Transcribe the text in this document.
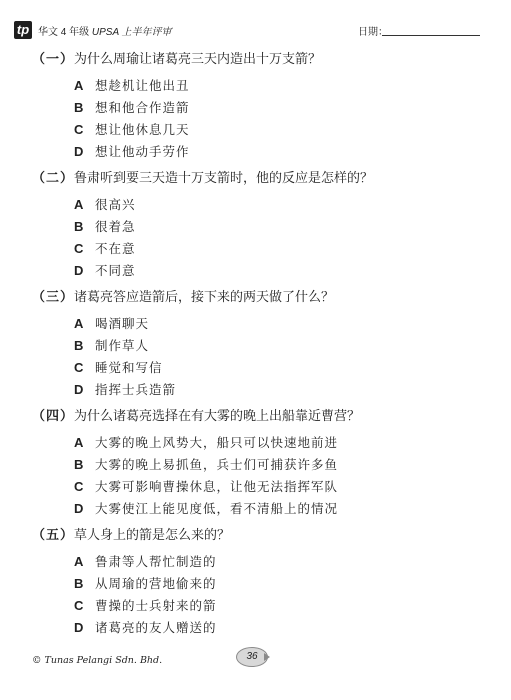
tp 华文 4 年级 UPSA 上半年评审	日期：
（一）为什么周瑜让诸葛亮三天内造出十万支箭？
A 想趁机让他出丑
B 想和他合作造箭
C 想让他休息几天
D 想让他动手劳作
（二）鲁肃听到要三天造十万支箭时，他的反应是怎样的？
A 很高兴
B 很着急
C 不在意
D 不同意
（三）诸葛亮答应造箭后，接下来的两天做了什么？
A 喝酒聊天
B 制作草人
C 睡觉和写信
D 指挥士兵造箭
（四）为什么诸葛亮选择在有大雾的晚上出船靠近曹营？
A 大雾的晚上风势大，船只可以快速地前进
B 大雾的晚上易抓鱼，兵士们可捕获许多鱼
C 大雾可影响曹操休息，让他无法指挥军队
D 大雾使江上能见度低，看不清船上的情况
（五）草人身上的箭是怎么来的？
A 鲁肃等人帮忙制造的
B 从周瑜的营地偷来的
C 曹操的士兵射来的箭
D 诸葛亮的友人赠送的
© Tunas Pelangi Sdn. Bhd.	36
